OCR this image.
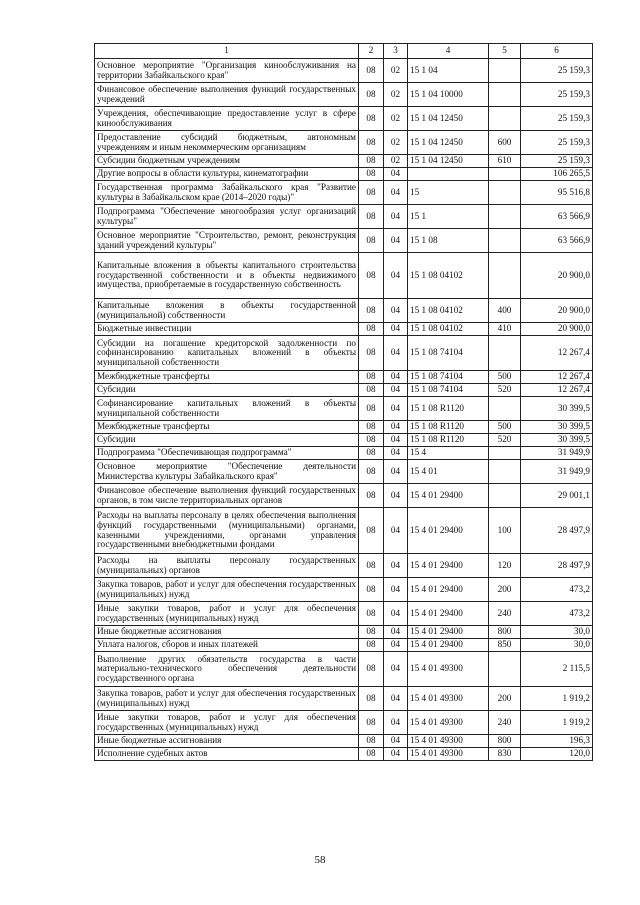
1	2	3	4	5	6
Основное мероприятие "Организация кинообслуживания на территории Забайкальского края"	08	02	15 1 04		25 159,3
Финансовое обеспечение выполнения функций государственных учреждений	08	02	15 1 04 10000		25 159,3
Учреждения, обеспечивающие предоставление услуг в сфере кинообслуживания	08	02	15 1 04 12450		25 159,3
Предоставление субсидий бюджетным, автономным учреждениям и иным некоммерческим организациям	08	02	15 1 04 12450	600	25 159,3
Субсидии бюджетным учреждениям	08	02	15 1 04 12450	610	25 159,3
Другие вопросы в области культуры, кинематографии	08	04			106 265,5
Государственная программа Забайкальского края "Развитие культуры в Забайкальском крае (2014–2020 годы)"	08	04	15		95 516,8
Подпрограмма "Обеспечение многообразия услуг организаций культуры"	08	04	15 1		63 566,9
Основное мероприятие "Строительство, ремонт, реконструкция зданий учреждений культуры"	08	04	15 1 08		63 566,9
Капитальные вложения в объекты капитального строительства государственной собственности и в объекты недвижимого имущества, приобретаемые в государственную собственность	08	04	15 1 08 04102		20 900,0
Капитальные вложения в объекты государственной (муниципальной) собственности	08	04	15 1 08 04102	400	20 900,0
Бюджетные инвестиции	08	04	15 1 08 04102	410	20 900,0
Субсидии на погашение кредиторской задолженности по софинансированию капитальных вложений в объекты муниципальной собственности	08	04	15 1 08 74104		12 267,4
Межбюджетные трансферты	08	04	15 1 08 74104	500	12 267,4
Субсидии	08	04	15 1 08 74104	520	12 267,4
Софинансирование капитальных вложений в объекты муниципальной собственности	08	04	15 1 08 R1120		30 399,5
Межбюджетные трансферты	08	04	15 1 08 R1120	500	30 399,5
Субсидии	08	04	15 1 08 R1120	520	30 399,5
Подпрограмма "Обеспечивающая подпрограмма"	08	04	15 4		31 949,9
Основное мероприятие "Обеспечение деятельности Министерства культуры Забайкальского края"	08	04	15 4 01		31 949,9
Финансовое обеспечение выполнения функций государственных органов, в том числе территориальных органов	08	04	15 4 01 29400		29 001,1
Расходы на выплаты персоналу в целях обеспечения выполнения функций государственными (муниципальными) органами, казенными учреждениями, органами управления государственными внебюджетными фондами	08	04	15 4 01 29400	100	28 497,9
Расходы на выплаты персоналу государственных (муниципальных) органов	08	04	15 4 01 29400	120	28 497,9
Закупка товаров, работ и услуг для обеспечения государственных (муниципальных) нужд	08	04	15 4 01 29400	200	473,2
Иные закупки товаров, работ и услуг для обеспечения государственных (муниципальных) нужд	08	04	15 4 01 29400	240	473,2
Иные бюджетные ассигнования	08	04	15 4 01 29400	800	30,0
Уплата налогов, сборов и иных платежей	08	04	15 4 01 29400	850	30,0
Выполнение других обязательств государства в части материально-технического обеспечения деятельности государственного органа	08	04	15 4 01 49300		2 115,5
Закупка товаров, работ и услуг для обеспечения государственных (муниципальных) нужд	08	04	15 4 01 49300	200	1 919,2
Иные закупки товаров, работ и услуг для обеспечения государственных (муниципальных) нужд	08	04	15 4 01 49300	240	1 919,2
Иные бюджетные ассигнования	08	04	15 4 01 49300	800	196,3
Исполнение судебных актов	08	04	15 4 01 49300	830	120,0
58
